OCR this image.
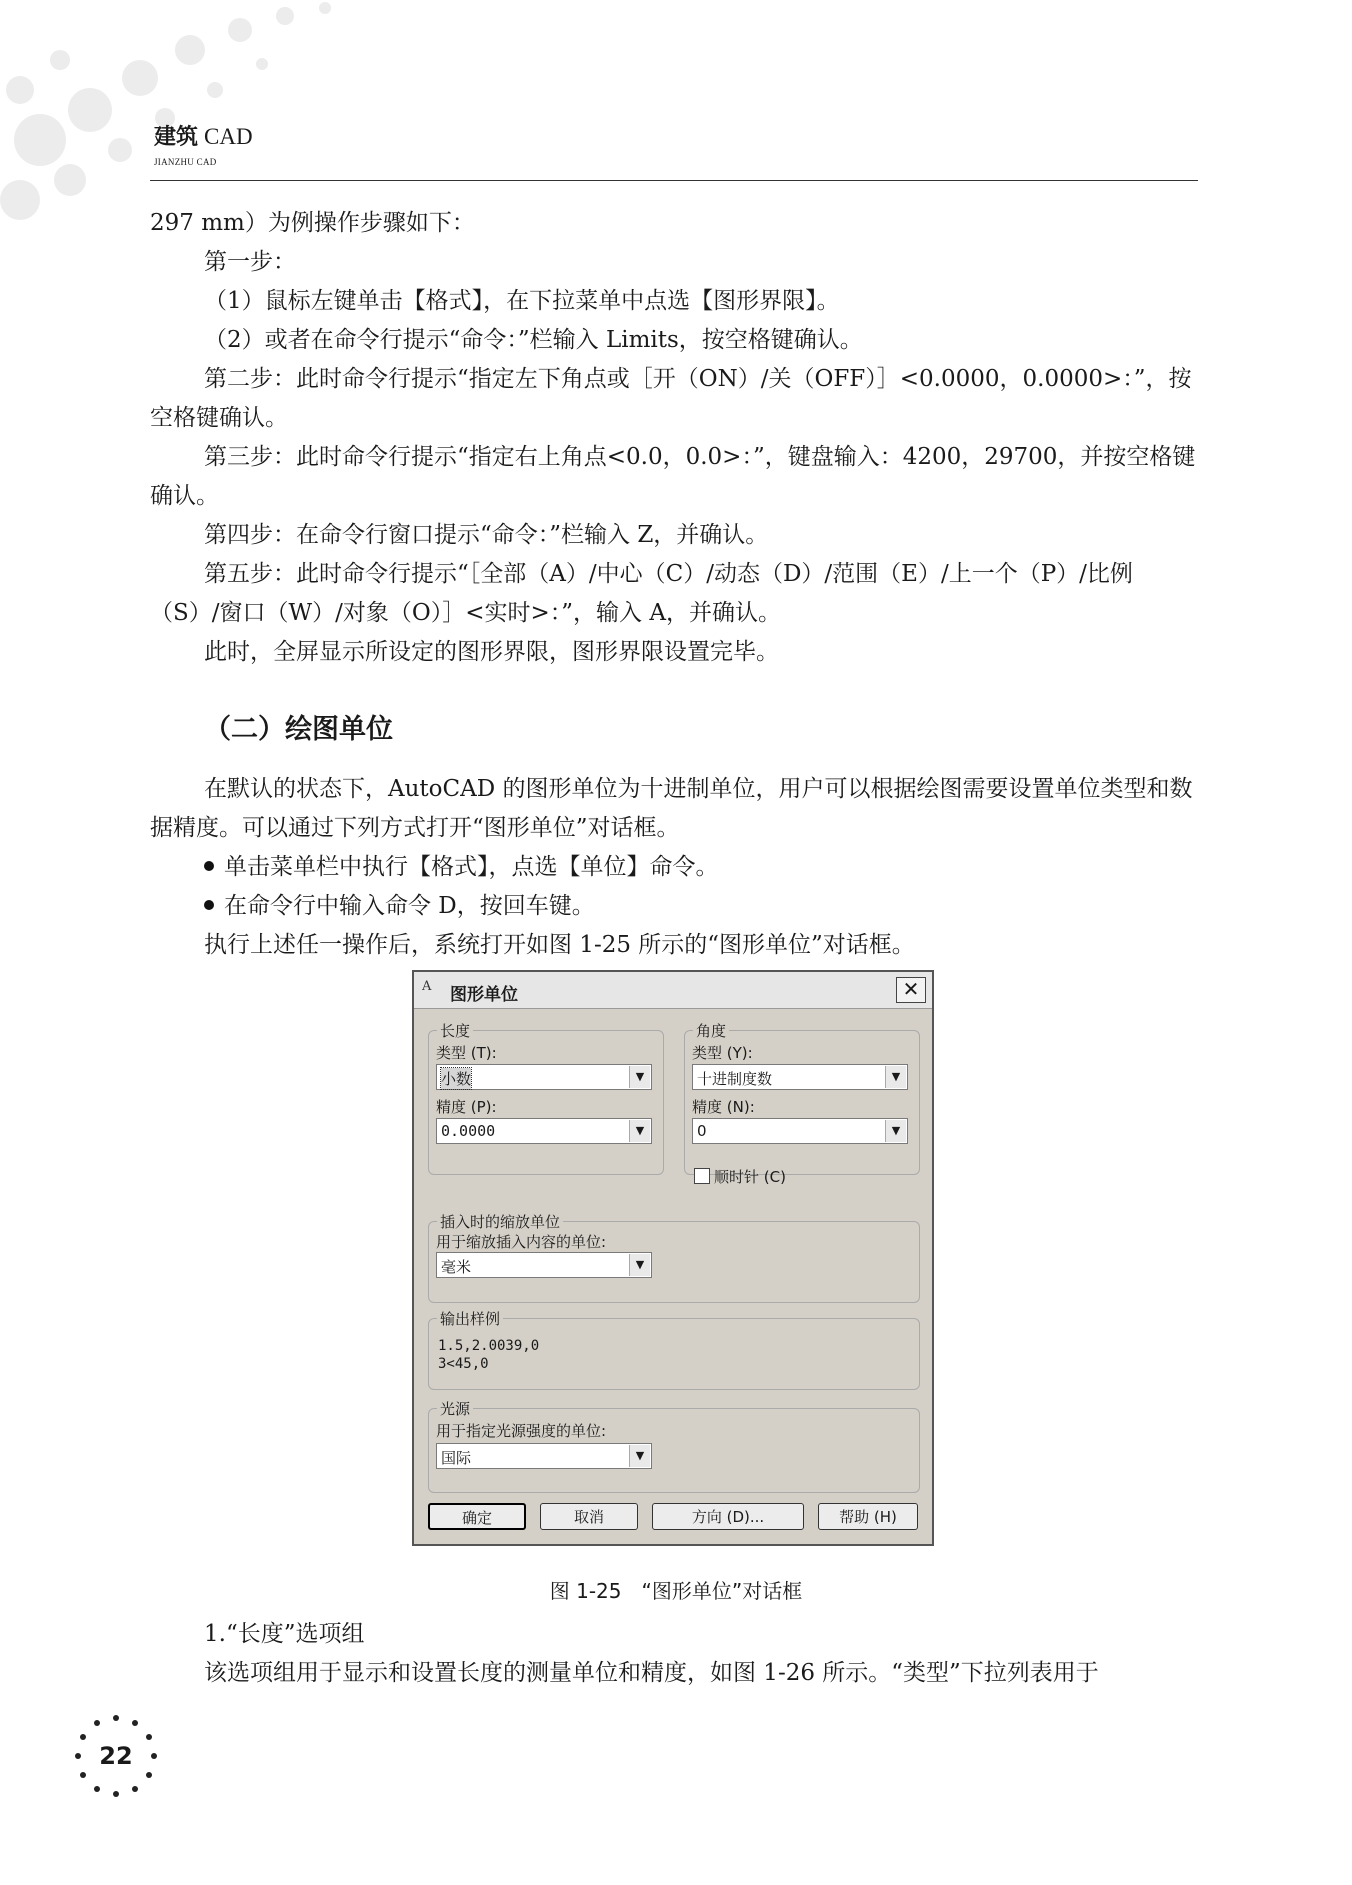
建筑 CAD
JIANZHU CAD

297 mm）为例操作步骤如下：

第一步：

（1）鼠标左键单击【格式】，在下拉菜单中点选【图形界限】。

（2）或者在命令行提示“命令：”栏输入 Limits，按空格键确认。

第二步：此时命令行提示“指定左下角点或［开（ON）/关（OFF）］<0.0000，0.0000>：”，按空格键确认。

第三步：此时命令行提示“指定右上角点<0.0，0.0>：”，键盘输入：4200，29700，并按空格键确认。

第四步：在命令行窗口提示“命令：”栏输入 Z，并确认。

第五步：此时命令行提示“［全部（A）/中心（C）/动态（D）/范围（E）/上一个（P）/比例（S）/窗口（W）/对象（O）］<实时>：”，输入 A，并确认。

此时，全屏显示所设定的图形界限，图形界限设置完毕。

（二）绘图单位

在默认的状态下，AutoCAD 的图形单位为十进制单位，用户可以根据绘图需要设置单位类型和数据精度。可以通过下列方式打开“图形单位”对话框。

单击菜单栏中执行【格式】，点选【单位】命令。

在命令行中输入命令 D，按回车键。

执行上述任一操作后，系统打开如图 1-25 所示的“图形单位”对话框。

A	图形单位	✕
长度
类型 (T):
小数	▼
精度 (P):
0.0000	▼
角度
类型 (Y):
十进制度数	▼
精度 (N):
0	▼
顺时针 (C)
插入时的缩放单位
用于缩放插入内容的单位:
毫米	▼
输出样例
1.5,2.0039,0
3<45,0
光源
用于指定光源强度的单位:
国际	▼
确定	取消	方向 (D)...	帮助 (H)
图 1-25　“图形单位”对话框

1.“长度”选项组

该选项组用于显示和设置长度的测量单位和精度，如图 1-26 所示。“类型”下拉列表用于

22
